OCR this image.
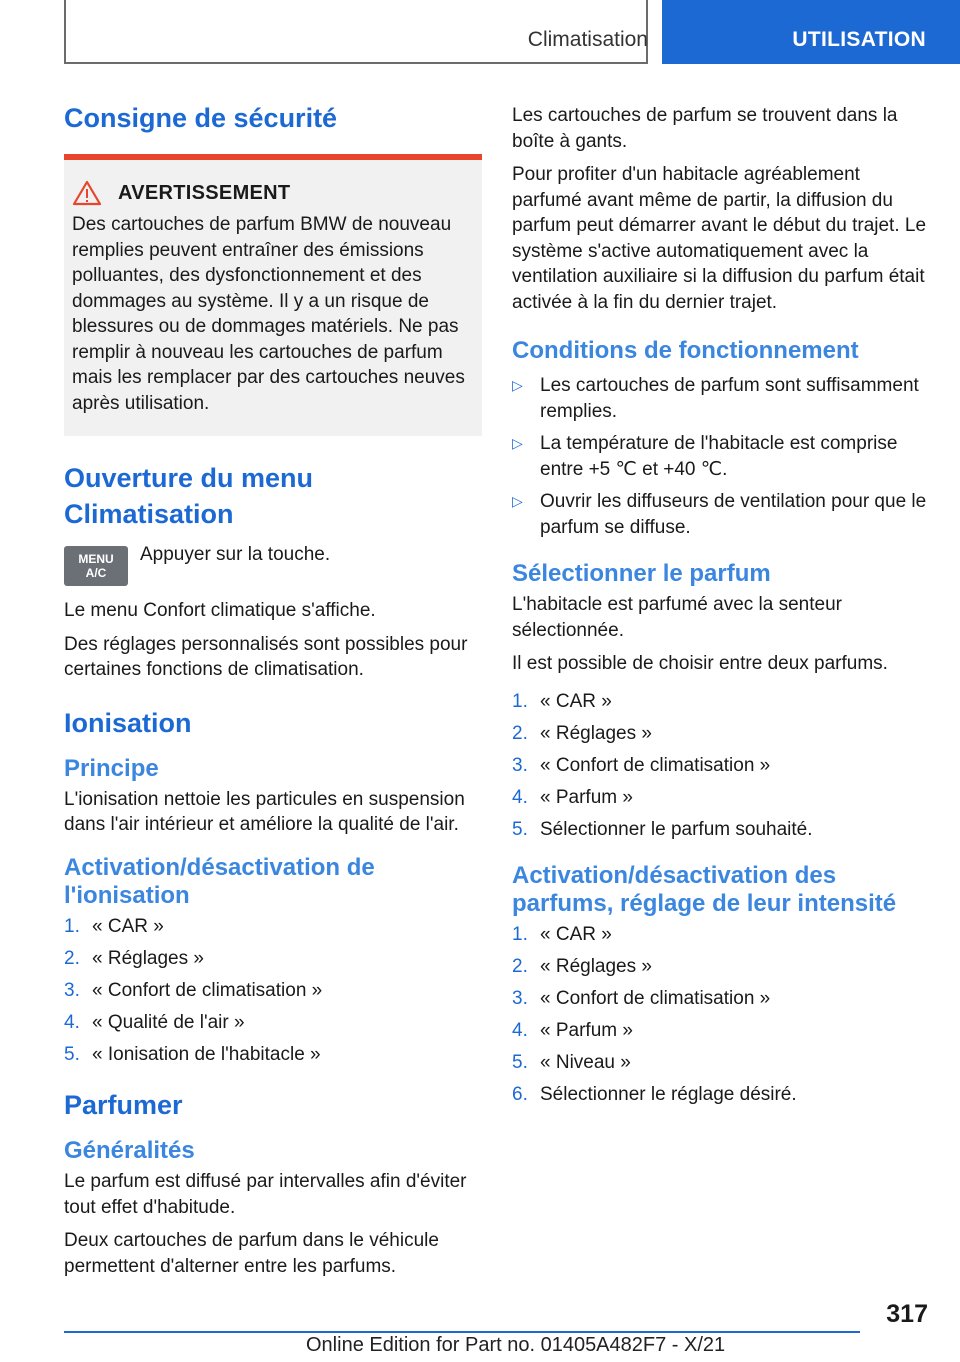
Climatisation	UTILISATION
Consigne de sécurité
AVERTISSEMENT

Des cartouches de parfum BMW de nouveau remplies peuvent entraîner des émissions polluantes, des dysfonctionnement et des dommages au système. Il y a un risque de blessures ou de dommages matériels. Ne pas remplir à nouveau les cartouches de parfum mais les remplacer par des cartouches neuves après utilisation.

Ouverture du menu Climatisation
MENU
A/C
Appuyer sur la touche.

Le menu Confort climatique s'affiche.

Des réglages personnalisés sont possibles pour certaines fonctions de climatisation.

Ionisation
Principe

L'ionisation nettoie les particules en suspension dans l'air intérieur et améliore la qualité de l'air.

Activation/désactivation de l'ionisation
1. « CAR »
2. « Réglages »
3. « Confort de climatisation »
4. « Qualité de l'air »
5. « Ionisation de l'habitacle »
Parfumer
Généralités

Le parfum est diffusé par intervalles afin d'éviter tout effet d'habitude.

Deux cartouches de parfum dans le véhicule permettent d'alterner entre les parfums.

Les cartouches de parfum se trouvent dans la boîte à gants.

Pour profiter d'un habitacle agréablement parfumé avant même de partir, la diffusion du parfum peut démarrer avant le début du trajet. Le système s'active automatiquement avec la ventilation auxiliaire si la diffusion du parfum était activée à la fin du dernier trajet.

Conditions de fonctionnement
▷ Les cartouches de parfum sont suffisamment remplies.
▷ La température de l'habitacle est comprise entre +5 ℃ et +40 ℃.
▷ Ouvrir les diffuseurs de ventilation pour que le parfum se diffuse.
Sélectionner le parfum

L'habitacle est parfumé avec la senteur sélectionnée.

Il est possible de choisir entre deux parfums.

1. « CAR »
2. « Réglages »
3. « Confort de climatisation »
4. « Parfum »
5. Sélectionner le parfum souhaité.
Activation/désactivation des parfums, réglage de leur intensité
1. « CAR »
2. « Réglages »
3. « Confort de climatisation »
4. « Parfum »
5. « Niveau »
6. Sélectionner le réglage désiré.
317
Online Edition for Part no. 01405A482F7 - X/21
